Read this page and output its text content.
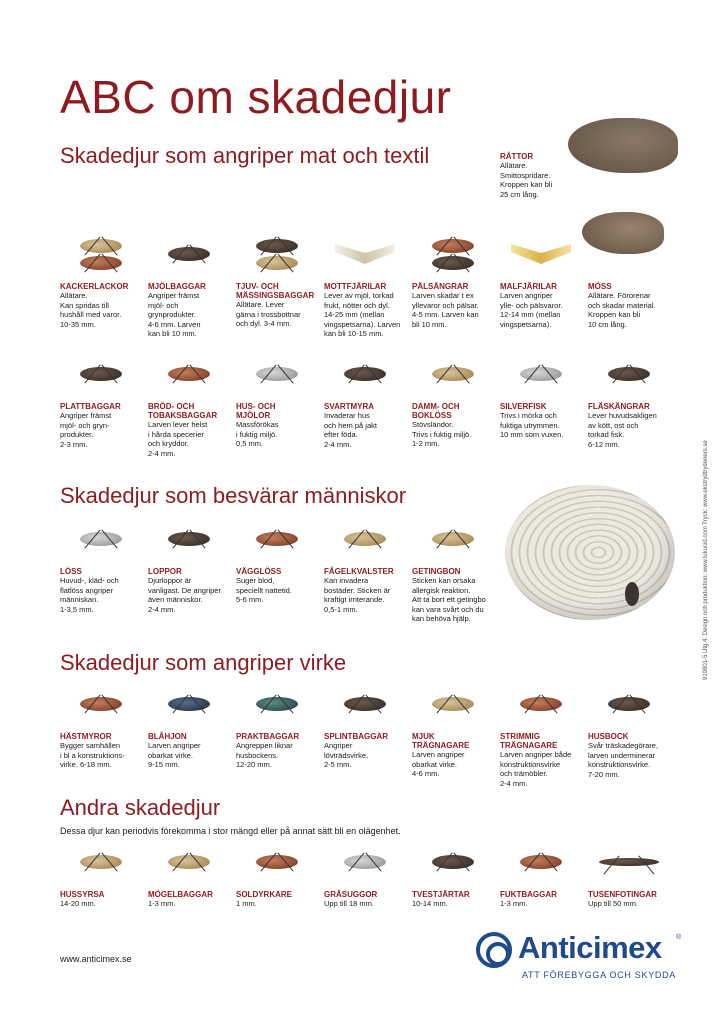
ABC om skadedjur
Skadedjur som angriper mat och textil	RÅTTOR
Allätare.
Smittospridare.
Kroppen kan bli
25 cm lång.
KACKERLACKOR
Allätare.
Kan spridas till
hushåll med varor.
10-35 mm.
MJÖLBAGGAR
Angriper främst
mjöl- och
grynprodukter.
4-6 mm. Larven
kan bli 10 mm.
TJUV- OCH
MÄSSINGSBAGGAR
Allätare. Lever
gärna i trossbottnar
och dyl. 3-4 mm.
MOTTFJÄRILAR
Lever av mjöl, torkad
frukt, nötter och dyl.
14-25 mm (mellan
vingspetsarna). Larven
kan bli 10-15 mm.
PÄLSÄNGRAR
Larven skadar t ex
yllevaror och pälsar.
4-5 mm. Larven kan
bli 10 mm.
MALFJÄRILAR
Larven angriper
ylle- och pälsvaror.
12-14 mm (mellan
vingspetsarna).
MÖSS
Allätare. Förorenar
och skadar material.
Kroppen kan bli
10 cm lång.
PLATTBAGGAR
Angriper främst
mjöl- och gryn-
produkter.
2-3 mm.
BRÖD- OCH
TOBAKSBAGGAR
Larven lever helst
i hårda specerier
och kryddor.
2-4 mm.
HUS- OCH
MJÖLOR
Massförökas
i fuktig miljö.
0,5 mm.
SVARTMYRA
Invaderar hus
och hem på jakt
efter föda.
2-4 mm.
DAMM- OCH
BOKLÖSS
Stövsländor.
Trivs i fuktig miljö.
1-2 mm.
SILVERFISK
Trivs i mörka och
fuktiga utrymmen.
10 mm som vuxen.
FLÄSKÄNGRAR
Lever huvudsakligen
av kött, ost och
torkad fisk.
6-12 mm.
Skadedjur som besvärar människor
LÖSS
Huvud-, kläd- och
flatlöss angriper
människan.
1-3,5 mm.
LOPPOR
Djurloppor är
vanligast. De angriper
även människor.
2-4 mm.
VÄGGLÖSS
Suger blod,
speciellt nattetid.
5-6 mm.
FÅGELKVALSTER
Kan invadera
bostäder. Sticken är
kraftigt irriterande.
0,5-1 mm.
GETINGBON
Sticken kan orsaka
allergisk reaktion.
Att ta bort ett getingbo
kan vara svårt och du
kan behöva hjälp.
Skadedjur som angriper virke
HÄSTMYROR
Bygger samhällen
i bl a konstruktions-
virke. 6-18 mm.
BLÅHJON
Larven angriper
obarkat virke.
9-15 mm.
PRAKTBAGGAR
Angreppen liknar
husbockens.
12-20 mm.
SPLINTBAGGAR
Angriper
lövträdsvirke.
2-5 mm.
MJUK
TRÄGNAGARE
Larven angriper
obarkat virke.
4-6 mm.
STRIMMIG
TRÄGNAGARE
Larven angriper både
konstruktionsvirke
och trämöbler.
2-4 mm.
HUSBOCK
Svår träskadegörare,
larven underminerar
konstruktionsvirke.
7-20 mm.
Andra skadedjur
Dessa djur kan periodvis förekomma i stor mängd eller på annat sätt bli en olägenhet.
HUSSYRSA
14-20 mm.
MÖGELBAGGAR
1-3 mm.
SOLDYRKARE
1 mm.
GRÅSUGGOR
Upp till 18 mm.
TVESTJÄRTAR
10-14 mm.
FUKTBAGGAR
1-3 mm.
TUSENFOTINGAR
Upp till 50 mm.
www.anticimex.se	Anticimex ®
ATT FÖREBYGGA OCH SKYDDA
919801-5 Utg.4. Design och produktion: www.lukucid.com Tryck: www.ekstrydtrydeners.se
